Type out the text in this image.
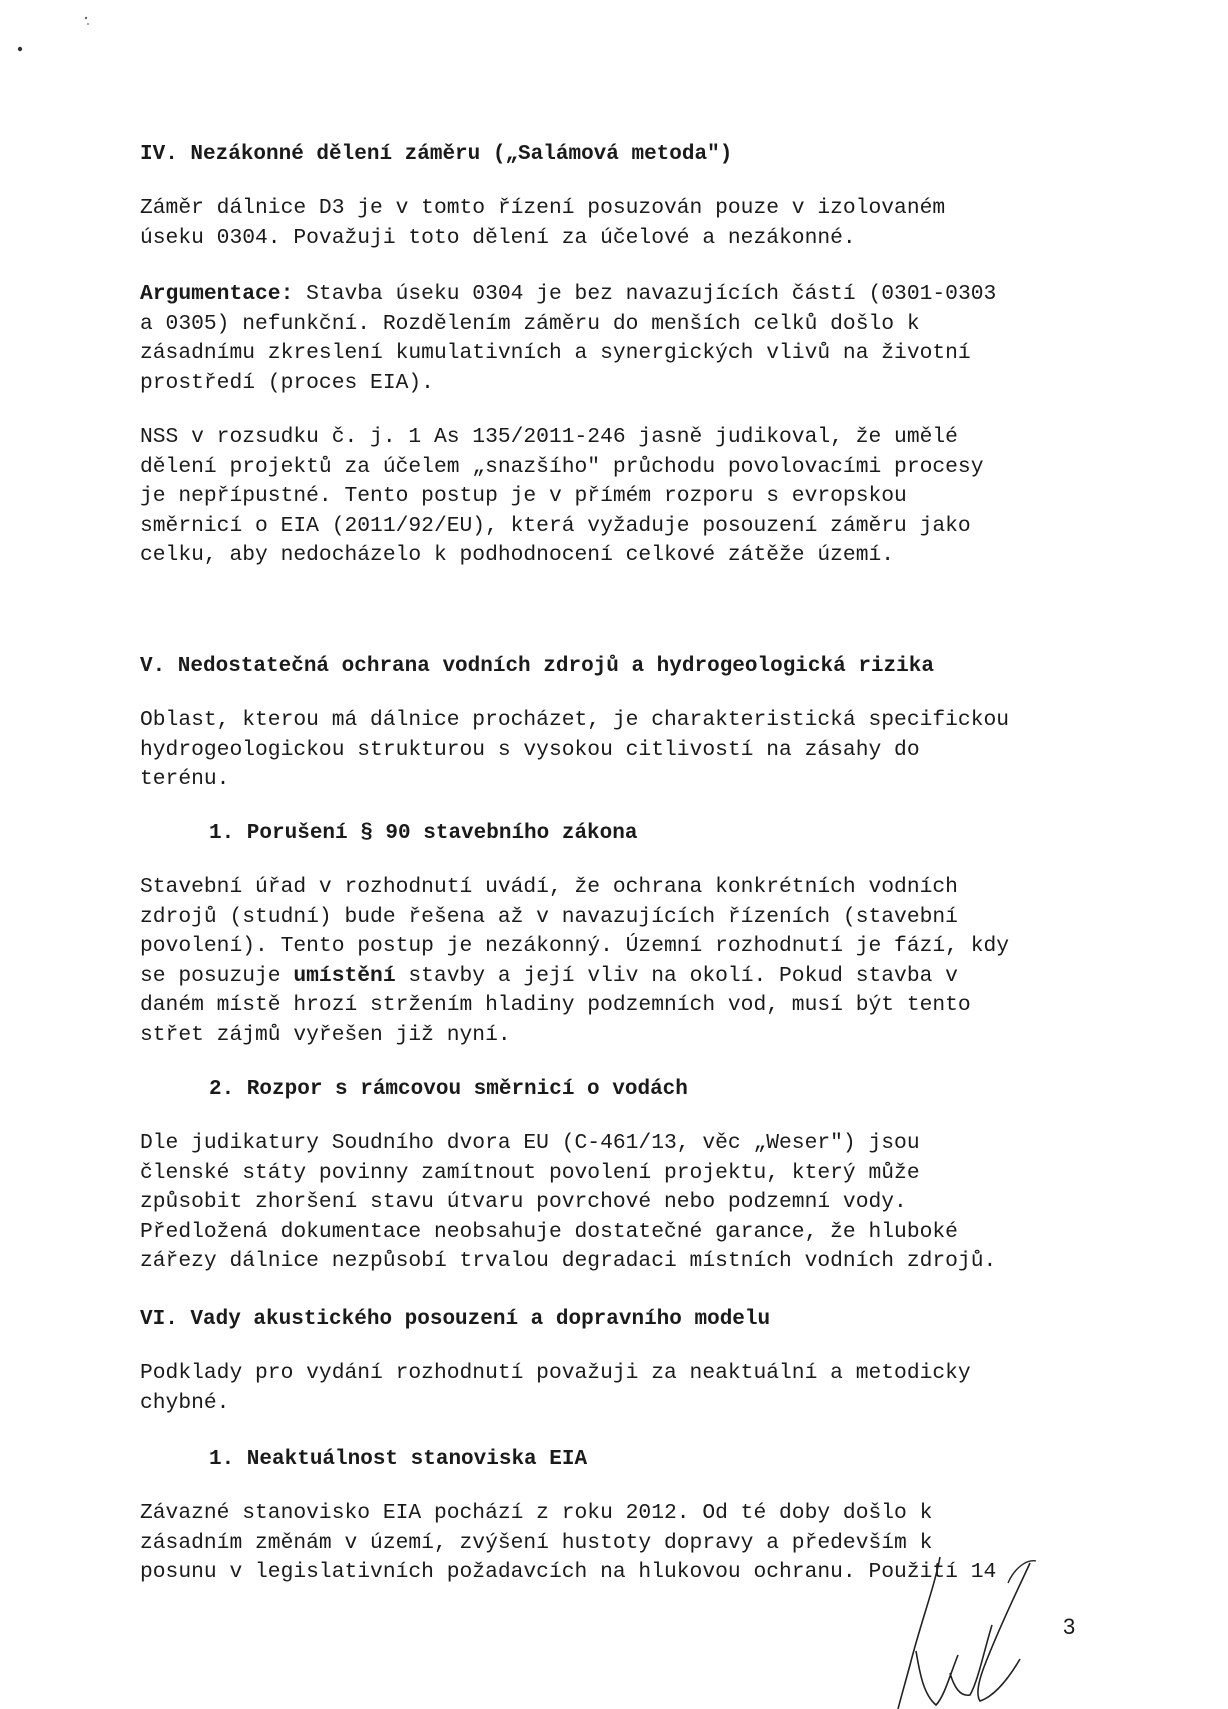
IV. Nezákonné dělení záměru („Salámová metoda")
Záměr dálnice D3 je v tomto řízení posuzován pouze v izolovaném
úseku 0304. Považuji toto dělení za účelové a nezákonné.
Argumentace: Stavba úseku 0304 je bez navazujících částí (0301-0303
a 0305) nefunkční. Rozdělením záměru do menších celků došlo k
zásadnímu zkreslení kumulativních a synergických vlivů na životní
prostředí (proces EIA).
NSS v rozsudku č. j. 1 As 135/2011-246 jasně judikoval, že umělé
dělení projektů za účelem „snazšího" průchodu povolovacími procesy
je nepřípustné. Tento postup je v přímém rozporu s evropskou
směrnicí o EIA (2011/92/EU), která vyžaduje posouzení záměru jako
celku, aby nedocházelo k podhodnocení celkové zátěže území.
V. Nedostatečná ochrana vodních zdrojů a hydrogeologická rizika
Oblast, kterou má dálnice procházet, je charakteristická specifickou
hydrogeologickou strukturou s vysokou citlivostí na zásahy do
terénu.
1. Porušení § 90 stavebního zákona
Stavební úřad v rozhodnutí uvádí, že ochrana konkrétních vodních
zdrojů (studní) bude řešena až v navazujících řízeních (stavební
povolení). Tento postup je nezákonný. Územní rozhodnutí je fází, kdy
se posuzuje umístění stavby a její vliv na okolí. Pokud stavba v
daném místě hrozí stržením hladiny podzemních vod, musí být tento
střet zájmů vyřešen již nyní.
2. Rozpor s rámcovou směrnicí o vodách
Dle judikatury Soudního dvora EU (C-461/13, věc „Weser") jsou
členské státy povinny zamítnout povolení projektu, který může
způsobit zhoršení stavu útvaru povrchové nebo podzemní vody.
Předložená dokumentace neobsahuje dostatečné garance, že hluboké
zářezy dálnice nezpůsobí trvalou degradaci místních vodních zdrojů.
VI. Vady akustického posouzení a dopravního modelu
Podklady pro vydání rozhodnutí považuji za neaktuální a metodicky
chybné.
1. Neaktuálnost stanoviska EIA
Závazné stanovisko EIA pochází z roku 2012. Od té doby došlo k
zásadním změnám v území, zvýšení hustoty dopravy a především k
posunu v legislativních požadavcích na hlukovou ochranu. Použití 14
3
